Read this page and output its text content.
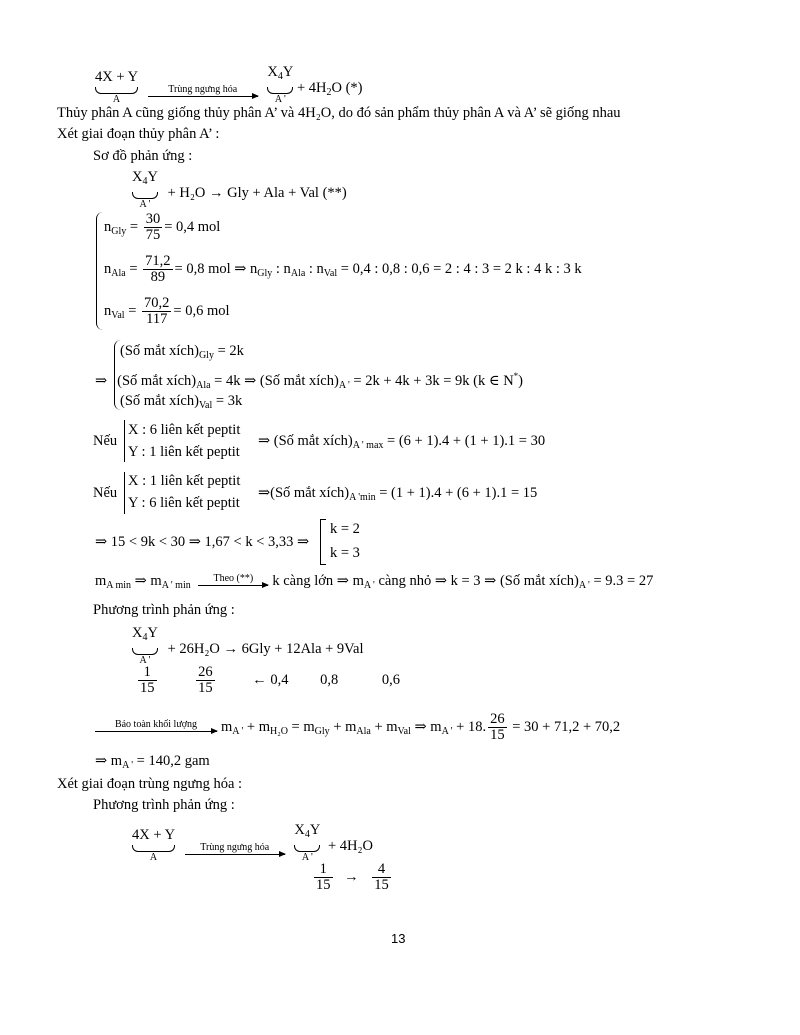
4X + Y
A

Trùng ngưng hóa
$X_4Y$
A '
+ $4H_2O$ (*)
Thủy phân A cũng giống thủy phân A’ và 4H₂O, do đó sản phẩm thủy phân A và A’ sẽ giống nhau
Xét giai đoạn thủy phân A’ :
Sơ đồ phản ứng :
$X_4Y$
A '
+ H₂O → Gly + Ala + Val (**)
$n_{Gly} = \frac{30}{75} = 0,4$ mol
$n_{Ala} = \frac{71,2}{89} = 0,8$ mol ⇒ $n_{Gly}$ : $n_{Ala}$ : $n_{Val} = 0,4$ : 0,8 : 0,6 = 2 : 4 : 3 = 2 k : 4 k : 3 k
$n_{Val} = \frac{70,2}{117} = 0,6$ mol
(Số mắt $xích)_{Gly} = 2k$
⇒ (Số mắt $xích)_{Ala} = 4k$ ⇒ (Số mắt $xích)_{A '} = 2k + 4k + 3k = 9k$ (k ∈ N*)
(Số mắt $xích)_{Val} = 3k$
Nếu
X : 6 liên kết peptit
Y : 1 liên kết peptit
⇒ (Số mắt $xích)_{A ' max} = (6 + 1).4 + (1 + 1).1 = 30$
Nếu
X : 1 liên kết peptit
Y : 6 liên kết peptit
⇒(Số mắt $xích)_{A 'min} = (1 + 1).4 + (6 + 1).1 = 15$
⇒ 15 < 9k < 30 ⇒ 1,67 < k < 3,33 ⇒
k = 2
k = 3
$m_{A min}$ ⇒ $m_{A ' min}$
Theo (**)	k càng lớn ⇒ $m_{A '}$ càng nhỏ ⇒ k = 3 ⇒ (Số mắt $xích)_{A '} = 9.3 = 27$
Phương trình phản ứng :
$X_4Y$
A '
+ 26H₂O → 6Gly + 12Ala + 9Val
$\frac{1}{15}$
	$\frac{26}{15}$	← 0,4 0,8	0,6
Bảo toàn khối lượng	$m_{A '} + m_{H_2O} = m_{Gly} + m_{Ala} + m_{Val}$ ⇒ $m_{A '} + 18$. $\frac{26}{15} = 30 + 71,2 + 70,2$
⇒ $m_{A '} = 140,2$ gam
Xét giai đoạn trùng ngưng hóa :
Phương trình phản ứng :
4X + Y
A

Trùng ngưng hóa
$X_4Y$
A '
+ 4H₂O
$\frac{1}{15} \to \frac{4}{15}$
13
